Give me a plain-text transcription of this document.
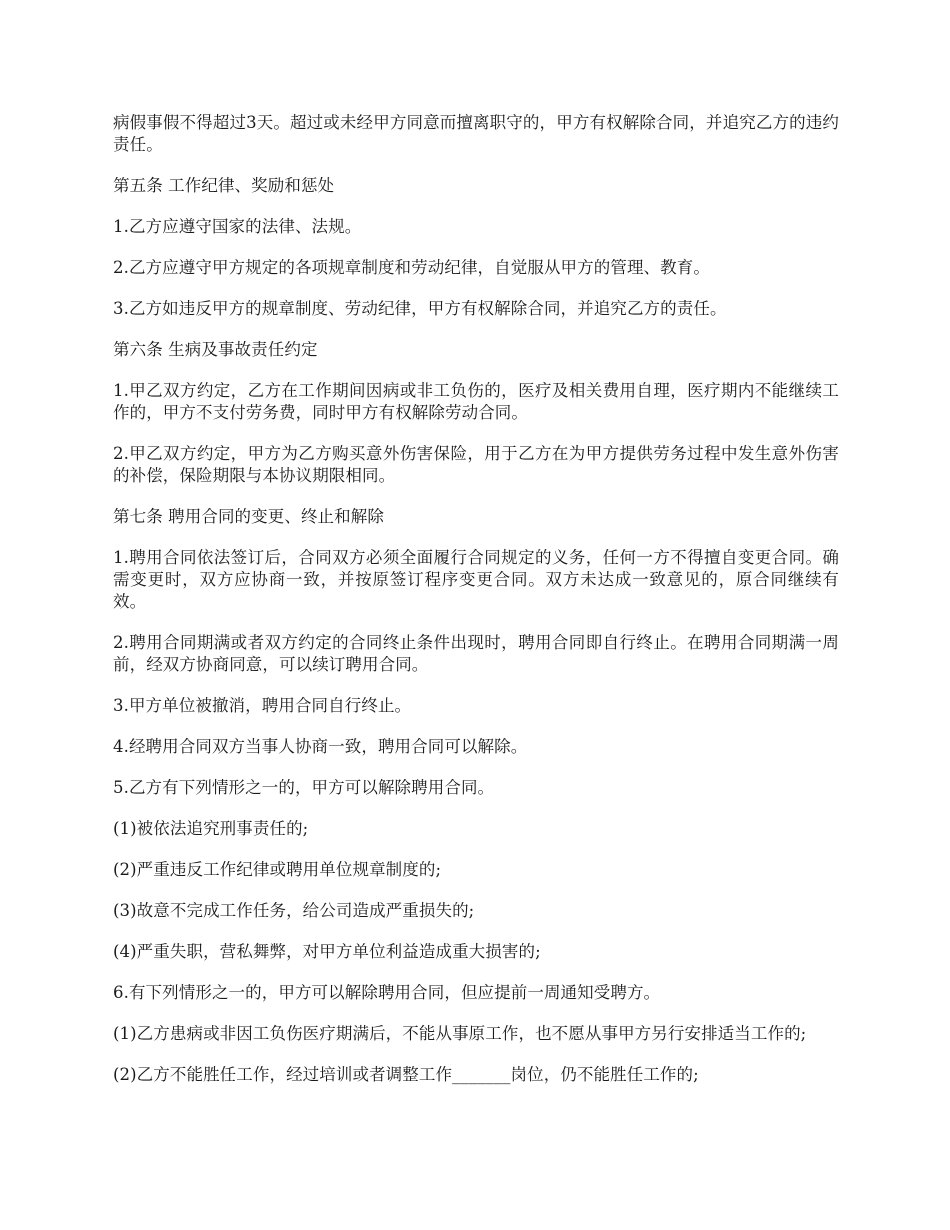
病假事假不得超过3天。超过或未经甲方同意而擅离职守的，甲方有权解除合同，并追究乙方的违约责任。

第五条 工作纪律、奖励和惩处

1.乙方应遵守国家的法律、法规。

2.乙方应遵守甲方规定的各项规章制度和劳动纪律，自觉服从甲方的管理、教育。

3.乙方如违反甲方的规章制度、劳动纪律，甲方有权解除合同，并追究乙方的责任。

第六条 生病及事故责任约定

1.甲乙双方约定，乙方在工作期间因病或非工负伤的，医疗及相关费用自理，医疗期内不能继续工作的，甲方不支付劳务费，同时甲方有权解除劳动合同。

2.甲乙双方约定，甲方为乙方购买意外伤害保险，用于乙方在为甲方提供劳务过程中发生意外伤害的补偿，保险期限与本协议期限相同。

第七条 聘用合同的变更、终止和解除

1.聘用合同依法签订后，合同双方必须全面履行合同规定的义务，任何一方不得擅自变更合同。确需变更时，双方应协商一致，并按原签订程序变更合同。双方未达成一致意见的，原合同继续有效。

2.聘用合同期满或者双方约定的合同终止条件出现时，聘用合同即自行终止。在聘用合同期满一周前，经双方协商同意，可以续订聘用合同。

3.甲方单位被撤消，聘用合同自行终止。

4.经聘用合同双方当事人协商一致，聘用合同可以解除。

5.乙方有下列情形之一的，甲方可以解除聘用合同。

(1)被依法追究刑事责任的;

(2)严重违反工作纪律或聘用单位规章制度的;

(3)故意不完成工作任务，给公司造成严重损失的;

(4)严重失职，营私舞弊，对甲方单位利益造成重大损害的;

6.有下列情形之一的，甲方可以解除聘用合同，但应提前一周通知受聘方。

(1)乙方患病或非因工负伤医疗期满后，不能从事原工作，也不愿从事甲方另行安排适当工作的;

(2)乙方不能胜任工作，经过培训或者调整工作_______岗位，仍不能胜任工作的;
